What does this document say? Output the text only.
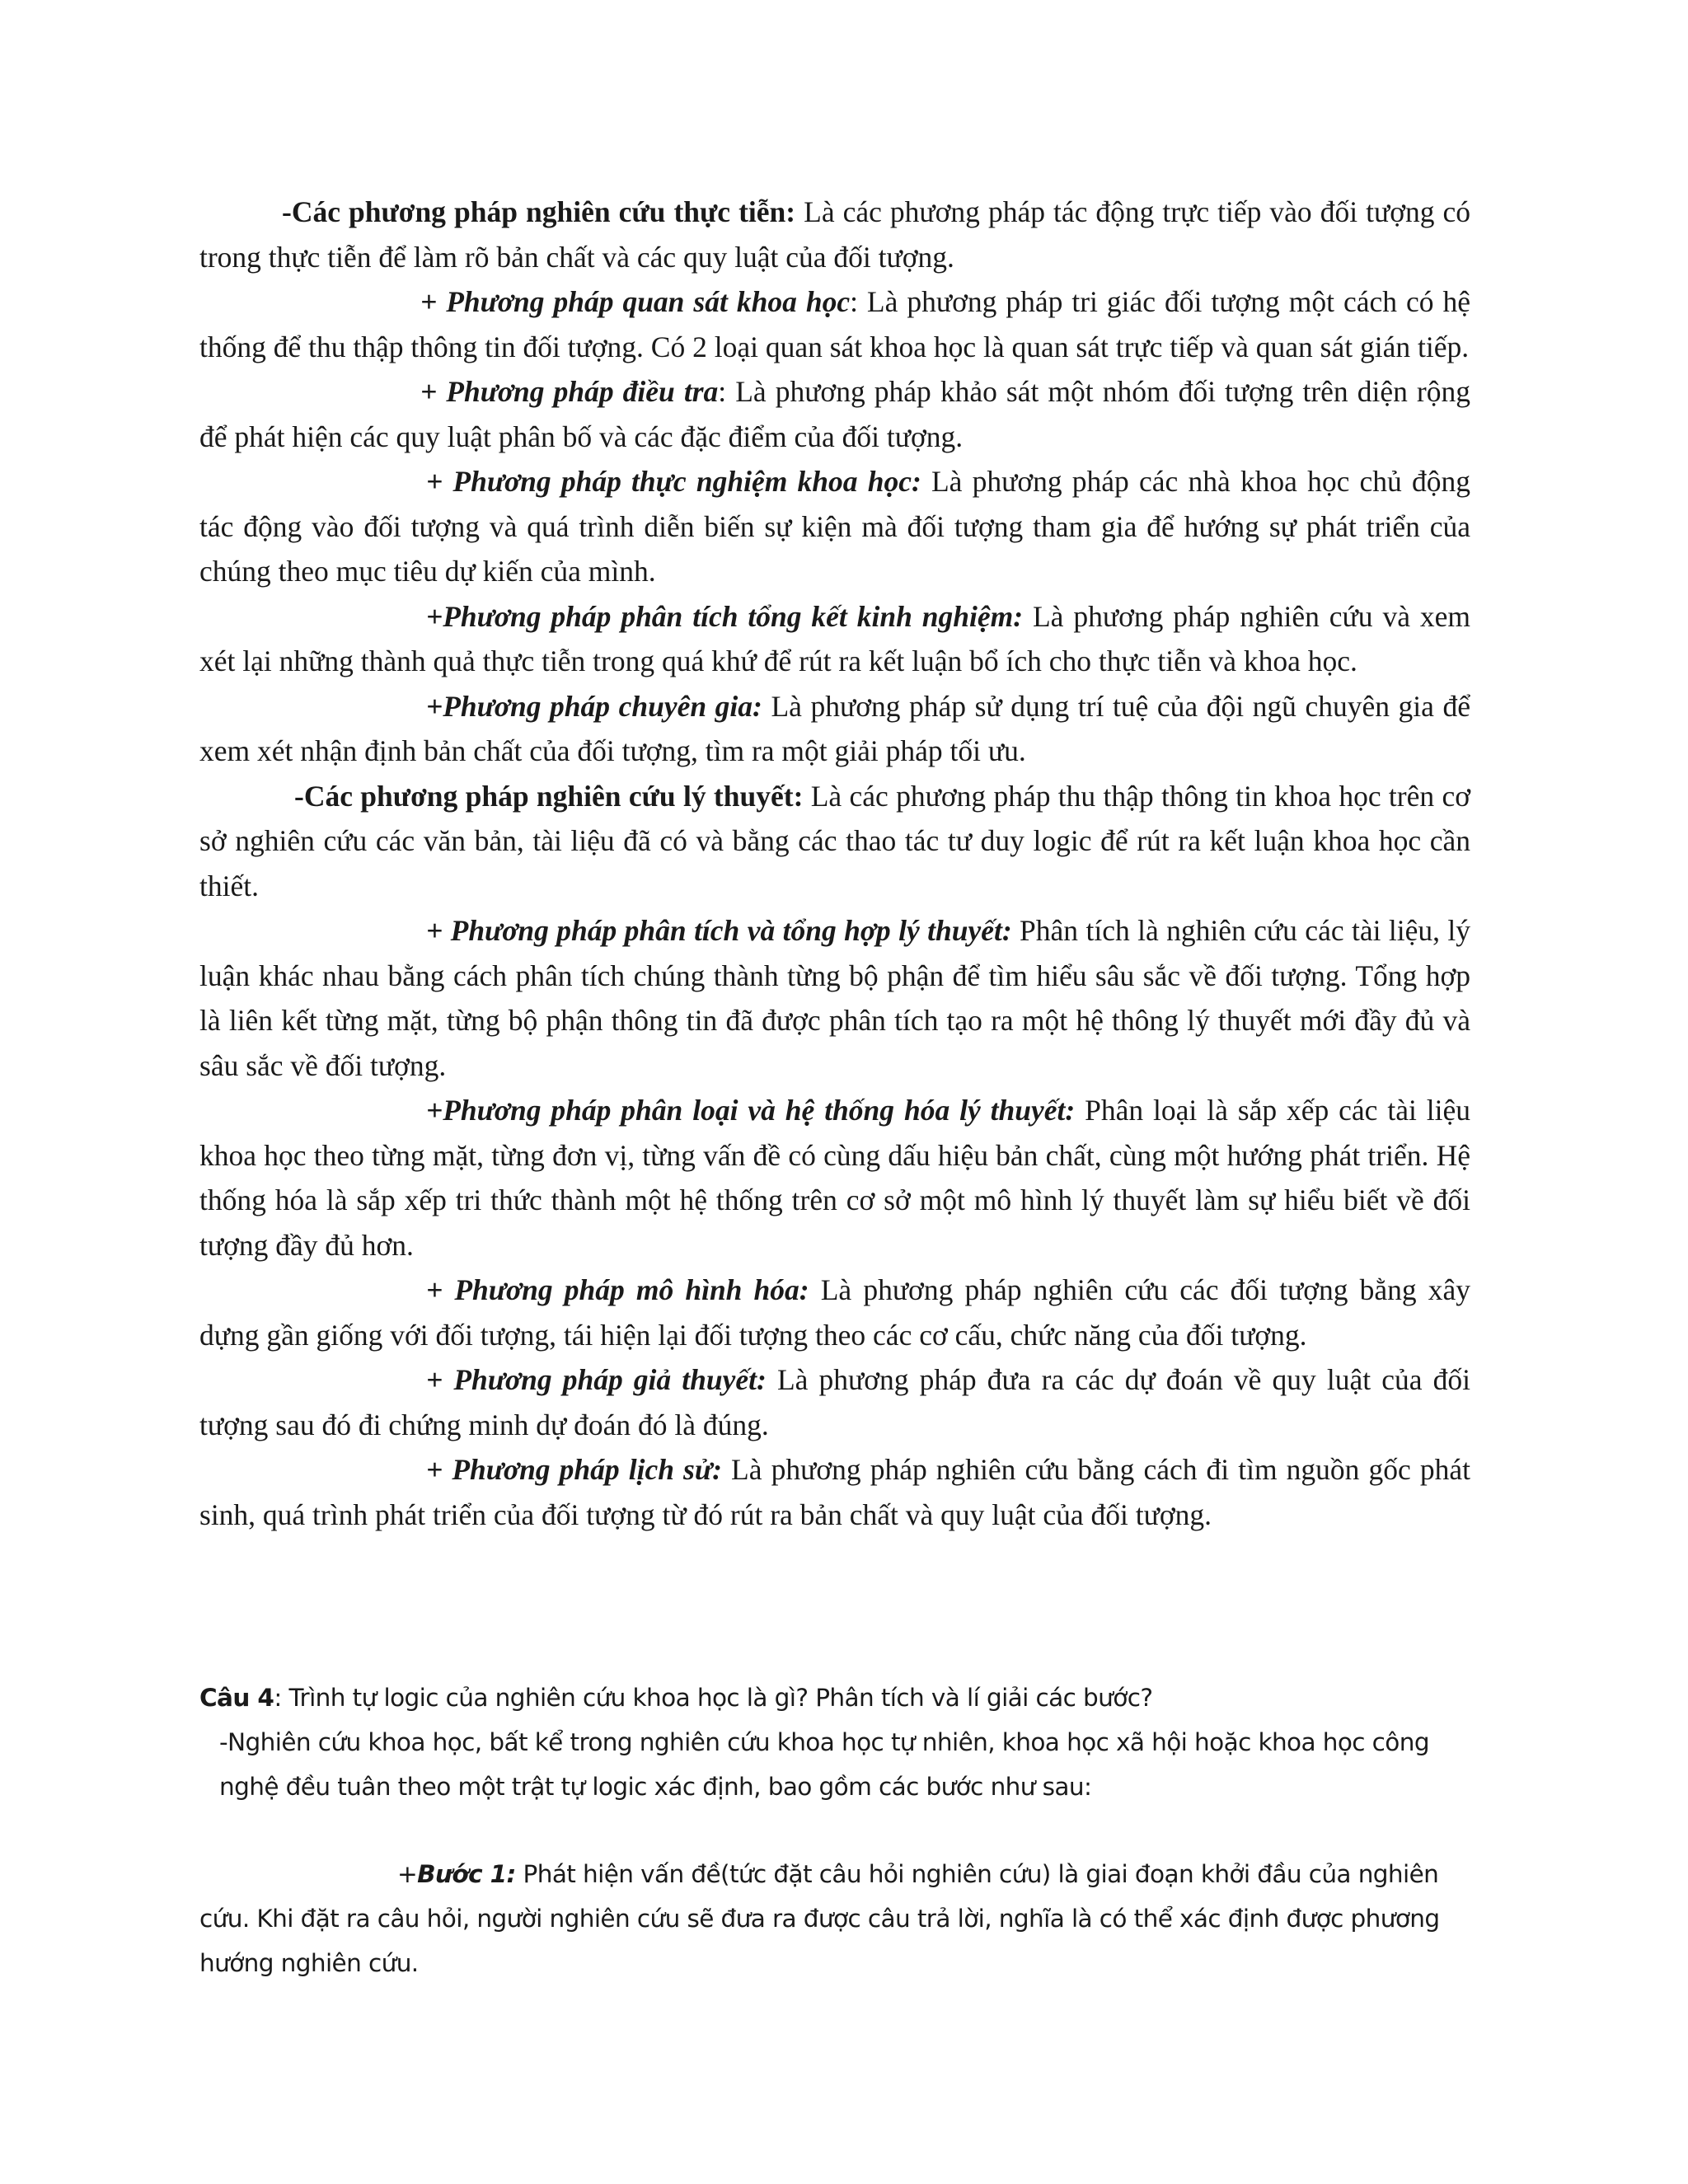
-Các phương pháp nghiên cứu thực tiễn: Là các phương pháp tác động trực tiếp vào đối tượng có trong thực tiễn để làm rõ bản chất và các quy luật của đối tượng.

+ Phương pháp quan sát khoa học: Là phương pháp tri giác đối tượng một cách có hệ thống để thu thập thông tin đối tượng. Có 2 loại quan sát khoa học là quan sát trực tiếp và quan sát gián tiếp.

+ Phương pháp điều tra: Là phương pháp khảo sát một nhóm đối tượng trên diện rộng để phát hiện các quy luật phân bố và các đặc điểm của đối tượng.

+ Phương pháp thực nghiệm khoa học: Là phương pháp các nhà khoa học chủ động tác động vào đối tượng và quá trình diễn biến sự kiện mà đối tượng tham gia để hướng sự phát triển của chúng theo mục tiêu dự kiến của mình.

+Phương pháp phân tích tổng kết kinh nghiệm: Là phương pháp nghiên cứu và xem xét lại những thành quả thực tiễn trong quá khứ để rút ra kết luận bổ ích cho thực tiễn và khoa học.

+Phương pháp chuyên gia: Là phương pháp sử dụng trí tuệ của đội ngũ chuyên gia để xem xét nhận định bản chất của đối tượng, tìm ra một giải pháp tối ưu.

-Các phương pháp nghiên cứu lý thuyết: Là các phương pháp thu thập thông tin khoa học trên cơ sở nghiên cứu các văn bản, tài liệu đã có và bằng các thao tác tư duy logic để rút ra kết luận khoa học cần thiết.

+ Phương pháp phân tích và tổng hợp lý thuyết: Phân tích là nghiên cứu các tài liệu, lý luận khác nhau bằng cách phân tích chúng thành từng bộ phận để tìm hiểu sâu sắc về đối tượng. Tổng hợp là liên kết từng mặt, từng bộ phận thông tin đã được phân tích tạo ra một hệ thông lý thuyết mới đầy đủ và sâu sắc về đối tượng.

+Phương pháp phân loại và hệ thống hóa lý thuyết: Phân loại là sắp xếp các tài liệu khoa học theo từng mặt, từng đơn vị, từng vấn đề có cùng dấu hiệu bản chất, cùng một hướng phát triển. Hệ thống hóa là sắp xếp tri thức thành một hệ thống trên cơ sở một mô hình lý thuyết làm sự hiểu biết về đối tượng đầy đủ hơn.

+ Phương pháp mô hình hóa: Là phương pháp nghiên cứu các đối tượng bằng xây dựng gần giống với đối tượng, tái hiện lại đối tượng theo các cơ cấu, chức năng của đối tượng.

+ Phương pháp giả thuyết: Là phương pháp đưa ra các dự đoán về quy luật của đối tượng sau đó đi chứng minh dự đoán đó là đúng.

+ Phương pháp lịch sử: Là phương pháp nghiên cứu bằng cách đi tìm nguồn gốc phát sinh, quá trình phát triển của đối tượng từ đó rút ra bản chất và quy luật của đối tượng.

Câu 4: Trình tự logic của nghiên cứu khoa học là gì? Phân tích và lí giải các bước?

-Nghiên cứu khoa học, bất kể trong nghiên cứu khoa học tự nhiên, khoa học xã hội hoặc khoa học công nghệ đều tuân theo một trật tự logic xác định, bao gồm các bước như sau:

+Bước 1: Phát hiện vấn đề(tức đặt câu hỏi nghiên cứu) là giai đoạn khởi đầu của nghiên cứu. Khi đặt ra câu hỏi, người nghiên cứu sẽ đưa ra được câu trả lời, nghĩa là có thể xác định được phương hướng nghiên cứu.
